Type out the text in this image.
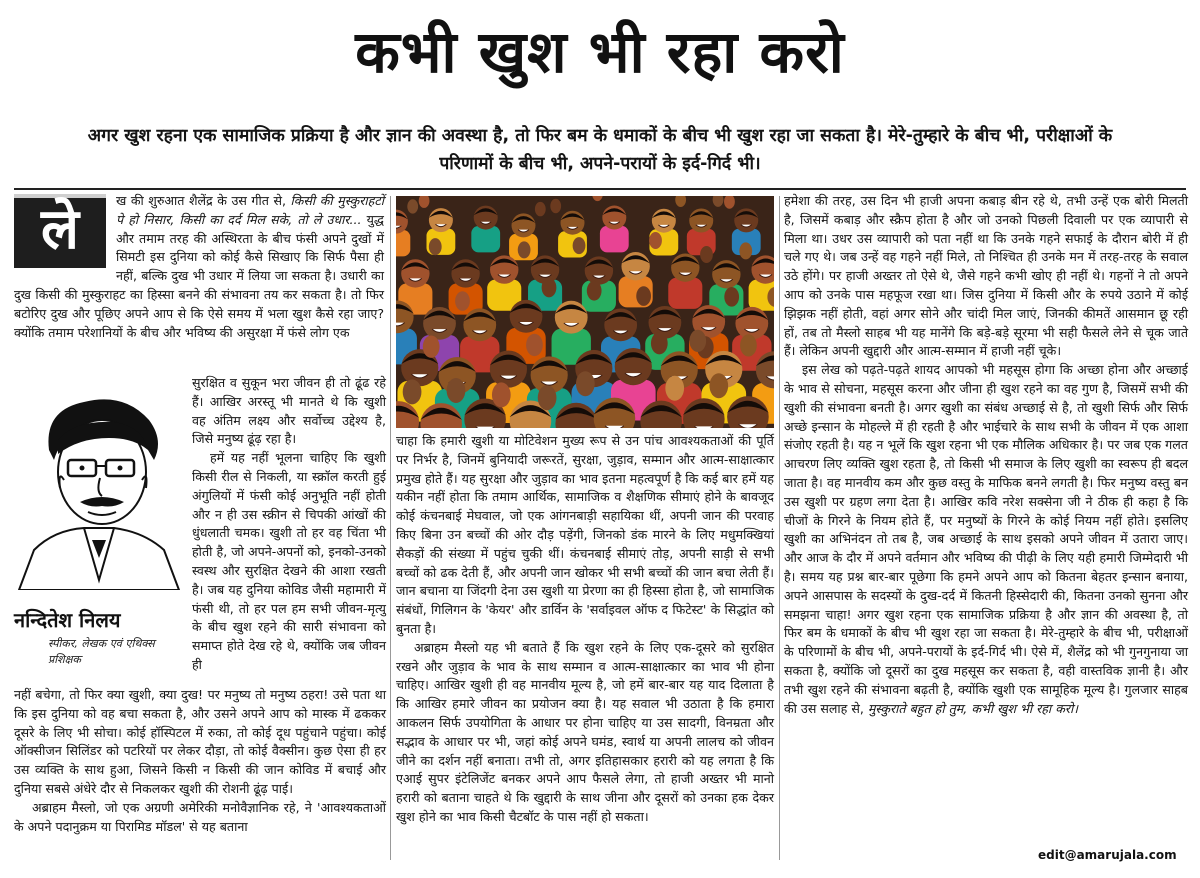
कभी खुश भी रहा करो
अगर खुश रहना एक सामाजिक प्रक्रिया है और ज्ञान की अवस्था है, तो फिर बम के धमाकों के बीच भी खुश रहा जा सकता है। मेरे-तुम्हारे के बीच भी, परीक्षाओं के परिणामों के बीच भी, अपने-परायों के इर्द-गिर्द भी।
ले	ख की शुरुआत शैलेंद्र के उस गीत से, किसी की मुस्कुराहटों पे हो निसार, किसी का दर्द मिल सके, तो ले उधार... युद्ध और तमाम तरह की अस्थिरता के बीच फंसी अपने दुखों में सिमटी इस दुनिया को कोई कैसे सिखाए कि सिर्फ पैसा ही नहीं, बल्कि दुख भी उधार में लिया जा सकता है। उधारी का दुख किसी की मुस्कुराहट का हिस्सा बनने की संभावना तय कर सकता है। तो फिर बटोरिए दुख और पूछिए अपने आप से कि ऐसे समय में भला खुश कैसे रहा जाए? क्योंकि तमाम परेशानियों के बीच और भविष्य की असुरक्षा में फंसे लोग एक

नन्दितेश निलय
स्पीकर, लेखक एवं एथिक्स प्रशिक्षक

सुरक्षित व सुकून भरा जीवन ही तो ढूंढ रहे हैं। आखिर अरस्तू भी मानते थे कि खुशी वह अंतिम लक्ष्य और सर्वोच्च उद्देश्य है, जिसे मनुष्य ढूंढ़ रहा है।

हमें यह नहीं भूलना चाहिए कि खुशी किसी रील से निकली, या स्क्रॉल करती हुई अंगुलियों में फंसी कोई अनुभूति नहीं होती और न ही उस स्क्रीन से चिपकी आंखों की धुंधलाती चमक। खुशी तो हर वह चिंता भी होती है, जो अपने-अपनों को, इनको-उनको स्वस्थ और सुरक्षित देखने की आशा रखती है। जब यह दुनिया कोविड जैसी महामारी में फंसी थी, तो हर पल हम सभी जीवन-मृत्यु के बीच खुश रहने की सारी संभावना को समाप्त होते देख रहे थे, क्योंकि जब जीवन ही

नहीं बचेगा, तो फिर क्या खुशी, क्या दुख! पर मनुष्य तो मनुष्य ठहरा! उसे पता था कि इस दुनिया को वह बचा सकता है, और उसने अपने आप को मास्क में ढककर दूसरे के लिए भी सोचा। कोई हॉस्पिटल में रुका, तो कोई दूध पहुंचाने पहुंचा। कोई ऑक्सीजन सिलिंडर को पटरियों पर लेकर दौड़ा, तो कोई वैक्सीन। कुछ ऐसा ही हर उस व्यक्ति के साथ हुआ, जिसने किसी न किसी की जान कोविड में बचाई और दुनिया सबसे अंधेरे दौर से निकलकर खुशी की रोशनी ढूंढ़ पाई।

अब्राहम मैस्लो, जो एक अग्रणी अमेरिकी मनोवैज्ञानिक रहे, ने 'आवश्यकताओं के अपने पदानुक्रम या पिरामिड मॉडल' से यह बताना

चाहा कि हमारी खुशी या मोटिवेशन मुख्य रूप से उन पांच आवश्यकताओं की पूर्ति पर निर्भर है, जिनमें बुनियादी जरूरतें, सुरक्षा, जुड़ाव, सम्मान और आत्म-साक्षात्कार प्रमुख होते हैं। यह सुरक्षा और जुड़ाव का भाव इतना महत्वपूर्ण है कि कई बार हमें यह यकीन नहीं होता कि तमाम आर्थिक, सामाजिक व शैक्षणिक सीमाएं होने के बावजूद कोई कंचनबाई मेघवाल, जो एक आंगनबाड़ी सहायिका थीं, अपनी जान की परवाह किए बिना उन बच्चों की ओर दौड़ पड़ेंगी, जिनको डंक मारने के लिए मधुमक्खियां सैकड़ों की संख्या में पहुंच चुकी थीं। कंचनबाई सीमाएं तोड़, अपनी साड़ी से सभी बच्चों को ढक देती हैं, और अपनी जान खोकर भी सभी बच्चों की जान बचा लेती हैं। जान बचाना या जिंदगी देना उस खुशी या प्रेरणा का ही हिस्सा होता है, जो सामाजिक संबंधों, गिलिगन के 'केयर' और डार्विन के 'सर्वाइवल ऑफ द फिटेस्ट' के सिद्धांत को बुनता है।

अब्राहम मैस्लो यह भी बताते हैं कि खुश रहने के लिए एक-दूसरे को सुरक्षित रखने और जुड़ाव के भाव के साथ सम्मान व आत्म-साक्षात्कार का भाव भी होना चाहिए। आखिर खुशी ही वह मानवीय मूल्य है, जो हमें बार-बार यह याद दिलाता है कि आखिर हमारे जीवन का प्रयोजन क्या है। यह सवाल भी उठाता है कि हमारा आकलन सिर्फ उपयोगिता के आधार पर होना चाहिए या उस सादगी, विनम्रता और सद्भाव के आधार पर भी, जहां कोई अपने घमंड, स्वार्थ या अपनी लालच को जीवन जीने का दर्शन नहीं बनाता। तभी तो, अगर इतिहासकार हरारी को यह लगता है कि एआई सुपर इंटेलिजेंट बनकर अपने आप फैसले लेगा, तो हाजी अख्तर भी मानो हरारी को बताना चाहते थे कि खुद्दारी के साथ जीना और दूसरों को उनका हक देकर खुश होने का भाव किसी चैटबॉट के पास नहीं हो सकता।

हमेशा की तरह, उस दिन भी हाजी अपना कबाड़ बीन रहे थे, तभी उन्हें एक बोरी मिलती है, जिसमें कबाड़ और स्क्रैप होता है और जो उनको पिछली दिवाली पर एक व्यापारी से मिला था। उधर उस व्यापारी को पता नहीं था कि उनके गहने सफाई के दौरान बोरी में ही चले गए थे। जब उन्हें वह गहने नहीं मिले, तो निश्चित ही उनके मन में तरह-तरह के सवाल उठे होंगे। पर हाजी अख्तर तो ऐसे थे, जैसे गहने कभी खोए ही नहीं थे। गहनों ने तो अपने आप को उनके पास महफूज रखा था। जिस दुनिया में किसी और के रुपये उठाने में कोई झिझक नहीं होती, वहां अगर सोने और चांदी मिल जाएं, जिनकी कीमतें आसमान छू रही हों, तब तो मैस्लो साहब भी यह मानेंगे कि बड़े-बड़े सूरमा भी सही फैसले लेने से चूक जाते हैं। लेकिन अपनी खुद्दारी और आत्म-सम्मान में हाजी नहीं चूके।

इस लेख को पढ़ते-पढ़ते शायद आपको भी महसूस होगा कि अच्छा होना और अच्छाई के भाव से सोचना, महसूस करना और जीना ही खुश रहने का वह गुण है, जिसमें सभी की खुशी की संभावना बनती है। अगर खुशी का संबंध अच्छाई से है, तो खुशी सिर्फ और सिर्फ अच्छे इन्सान के मोहल्ले में ही रहती है और भाईचारे के साथ सभी के जीवन में एक आशा संजोए रहती है। यह न भूलें कि खुश रहना भी एक मौलिक अधिकार है। पर जब एक गलत आचरण लिए व्यक्ति खुश रहता है, तो किसी भी समाज के लिए खुशी का स्वरूप ही बदल जाता है। वह मानवीय कम और कुछ वस्तु के माफिक बनने लगती है। फिर मनुष्य वस्तु बन उस खुशी पर ग्रहण लगा देता है। आखिर कवि नरेश सक्सेना जी ने ठीक ही कहा है कि चीजों के गिरने के नियम होते हैं, पर मनुष्यों के गिरने के कोई नियम नहीं होते। इसलिए खुशी का अभिनंदन तो तब है, जब अच्छाई के साथ इसको अपने जीवन में उतारा जाए। और आज के दौर में अपने वर्तमान और भविष्य की पीढ़ी के लिए यही हमारी जिम्मेदारी भी है। समय यह प्रश्न बार-बार पूछेगा कि हमने अपने आप को कितना बेहतर इन्सान बनाया, अपने आसपास के सदस्यों के दुख-दर्द में कितनी हिस्सेदारी की, कितना उनको सुनना और समझना चाहा! अगर खुश रहना एक सामाजिक प्रक्रिया है और ज्ञान की अवस्था है, तो फिर बम के धमाकों के बीच भी खुश रहा जा सकता है। मेरे-तुम्हारे के बीच भी, परीक्षाओं के परिणामों के बीच भी, अपने-परायों के इर्द-गिर्द भी। ऐसे में, शैलेंद्र को भी गुनगुनाया जा सकता है, क्योंकि जो दूसरों का दुख महसूस कर सकता है, वही वास्तविक ज्ञानी है। और तभी खुश रहने की संभावना बढ़ती है, क्योंकि खुशी एक सामूहिक मूल्य है। गुलजार साहब की उस सलाह से, मुस्कुराते बहुत हो तुम, कभी खुश भी रहा करो।

edit@amarujala.com
